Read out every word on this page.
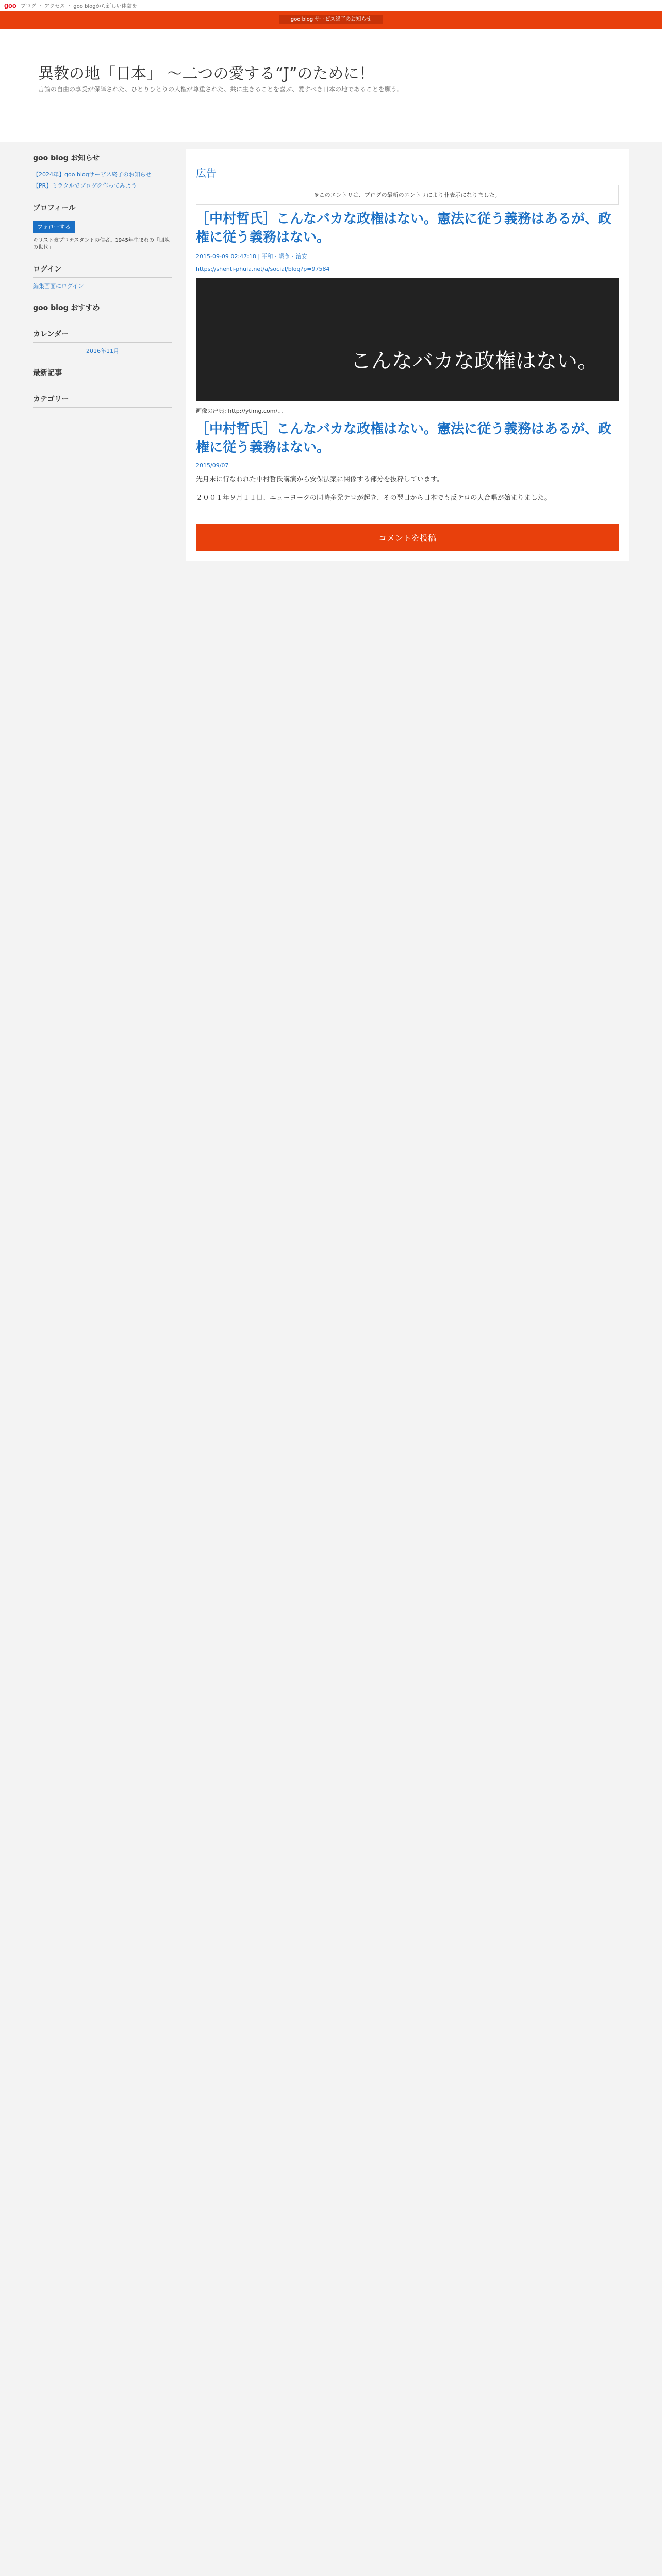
goo ブログ ・ アクセス ・ goo blogから新しい体験を
goo blog サービス終了のお知らせ
異教の地「日本」 ～二つの愛する“J”のために！
言論の自由の享受が保障された、ひとりひとりの人権が尊重された、共に生きることを喜ぶ、愛すべき日本の地であることを願う。
goo blog お知らせ
【2024年】goo blogサービス終了のお知らせ
【PR】ミラクルでブログを作ってみよう
プロフィール
フォローする

キリスト教プロテスタントの信者。1945年生まれの「団塊の世代」

ログイン
編集画面にログイン
goo blog おすすめ
カレンダー
2016年11月
最新記事
カテゴリー
広告

※このエントリは、ブログの最新のエントリにより非表示になりました。

［中村哲氏］こんなバカな政権はない。憲法に従う義務はあるが、政権に従う義務はない。
2015-09-09 02:47:18 | 平和・戦争・治安
https://shenti-phuia.net/a/social/blog?p=97584
こんなバカな政権はない。
画像の出典: http://ytimg.com/...
［中村哲氏］こんなバカな政権はない。憲法に従う義務はあるが、政権に従う義務はない。
2015/09/07

先月末に行なわれた中村哲氏講演から安保法案に関係する部分を抜粋しています。

２００１年９月１１日、ニューヨークの同時多発テロが起き、その翌日から日本でも反テロの大合唱が始まりました。

コメントを投稿
